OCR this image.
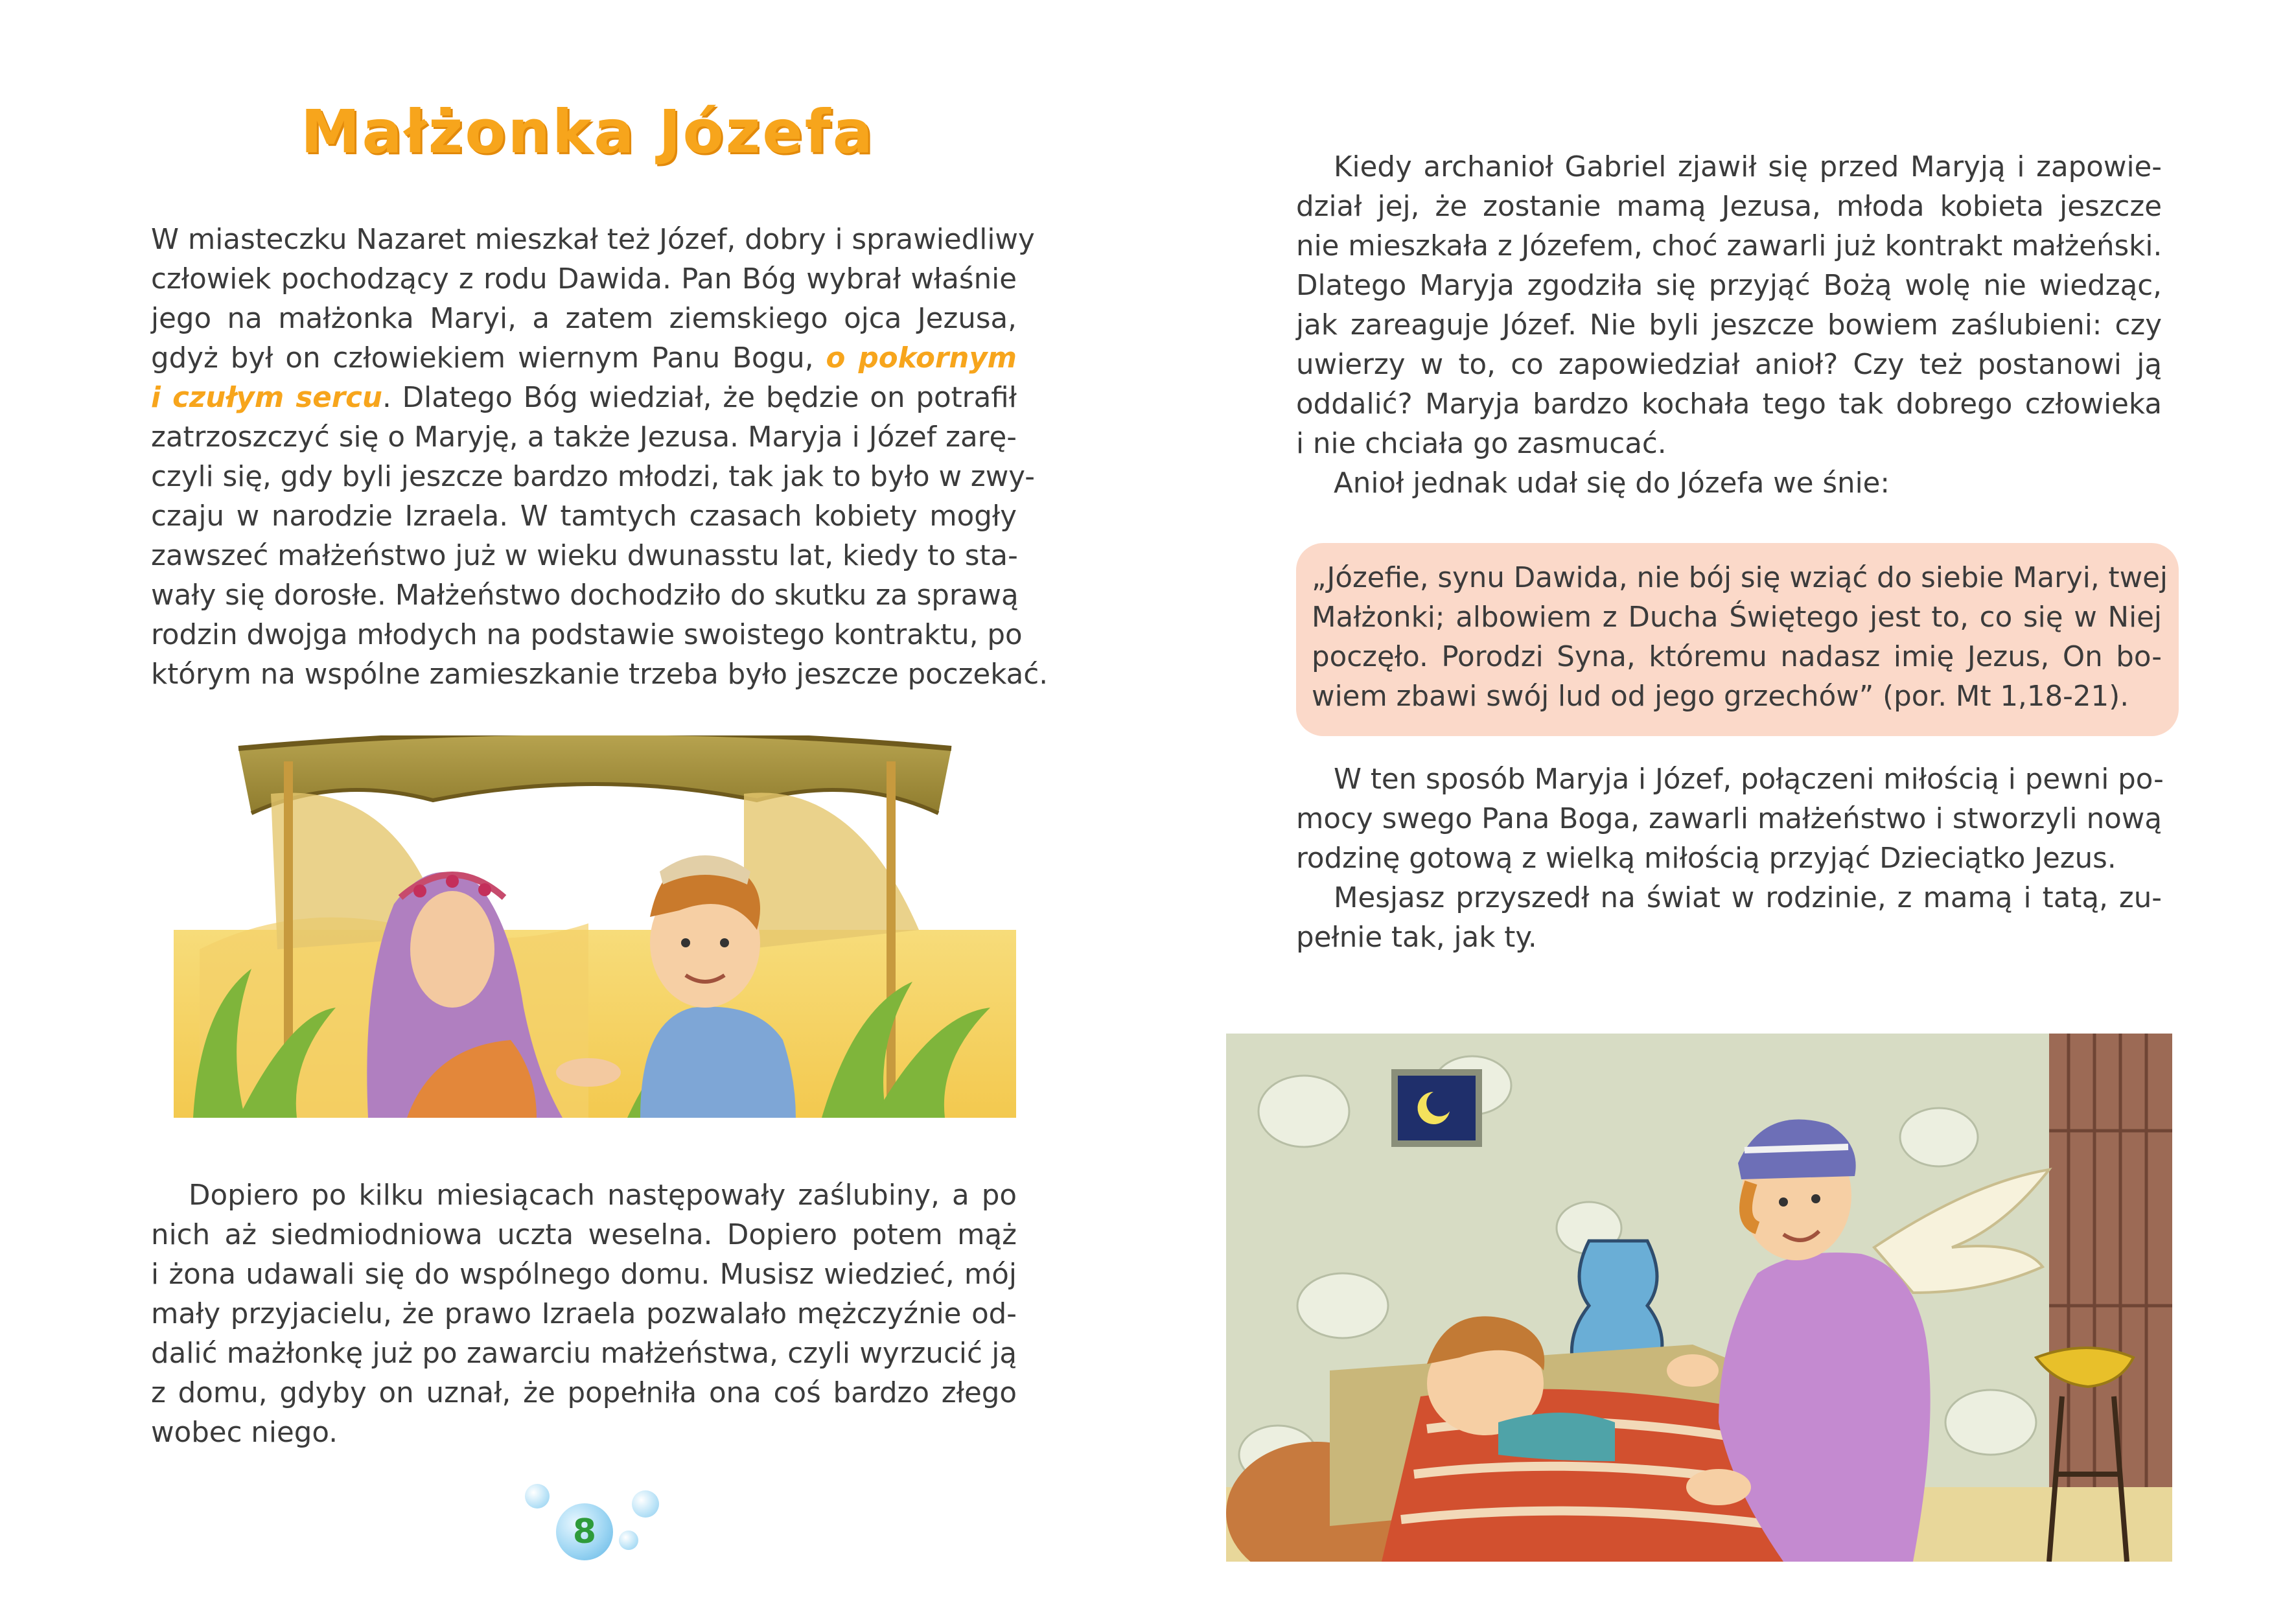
Małżonka Józefa
W miasteczku Nazaret mieszkał też Józef, dobry i sprawiedliwy
człowiek pochodzący z rodu Dawida. Pan Bóg wybrał właśnie
jego na małżonka Maryi, a zatem ziemskiego ojca Jezusa,
gdyż był on człowiekiem wiernym Panu Bogu, o pokornym
i czułym sercu. Dlatego Bóg wiedział, że będzie on potrafił
zatrzoszczyć się o Maryję, a także Jezusa. Maryja i Józef zarę-
czyli się, gdy byli jeszcze bardzo młodzi, tak jak to było w zwy-
czaju w narodzie Izraela. W tamtych czasach kobiety mogły
zawszeć małżeństwo już w wieku dwunasstu lat, kiedy to sta-
wały się dorosłe. Małżeństwo dochodziło do skutku za sprawą
rodzin dwojga młodych na podstawie swoistego kontraktu, po
którym na wspólne zamieszkanie trzeba było jeszcze poczekać.
Dopiero po kilku miesiącach następowały zaślubiny, a po
nich aż siedmiodniowa uczta weselna. Dopiero potem mąż
i żona udawali się do wspólnego domu. Musisz wiedzieć, mój
mały przyjacielu, że prawo Izraela pozwalało mężczyźnie od-
dalić mażłonkę już po zawarciu małżeństwa, czyli wyrzucić ją
z domu, gdyby on uznał, że popełniła ona coś bardzo złego
wobec niego.
8
Kiedy archanioł Gabriel zjawił się przed Maryją i zapowie-
dział jej, że zostanie mamą Jezusa, młoda kobieta jeszcze
nie mieszkała z Józefem, choć zawarli już kontrakt małżeński.
Dlatego Maryja zgodziła się przyjąć Bożą wolę nie wiedząc,
jak zareaguje Józef. Nie byli jeszcze bowiem zaślubieni: czy
uwierzy w to, co zapowiedział anioł? Czy też postanowi ją
oddalić? Maryja bardzo kochała tego tak dobrego człowieka
i nie chciała go zasmucać.
Anioł jednak udał się do Józefa we śnie:
„Józefie, synu Dawida, nie bój się wziąć do siebie Maryi, twej
Małżonki; albowiem z Ducha Świętego jest to, co się w Niej
poczęło. Porodzi Syna, któremu nadasz imię Jezus, On bo-
wiem zbawi swój lud od jego grzechów” (por. Mt 1,18-21).
W ten sposób Maryja i Józef, połączeni miłością i pewni po-
mocy swego Pana Boga, zawarli małżeństwo i stworzyli nową
rodzinę gotową z wielką miłością przyjąć Dzieciątko Jezus.
Mesjasz przyszedł na świat w rodzinie, z mamą i tatą, zu-
pełnie tak, jak ty.
